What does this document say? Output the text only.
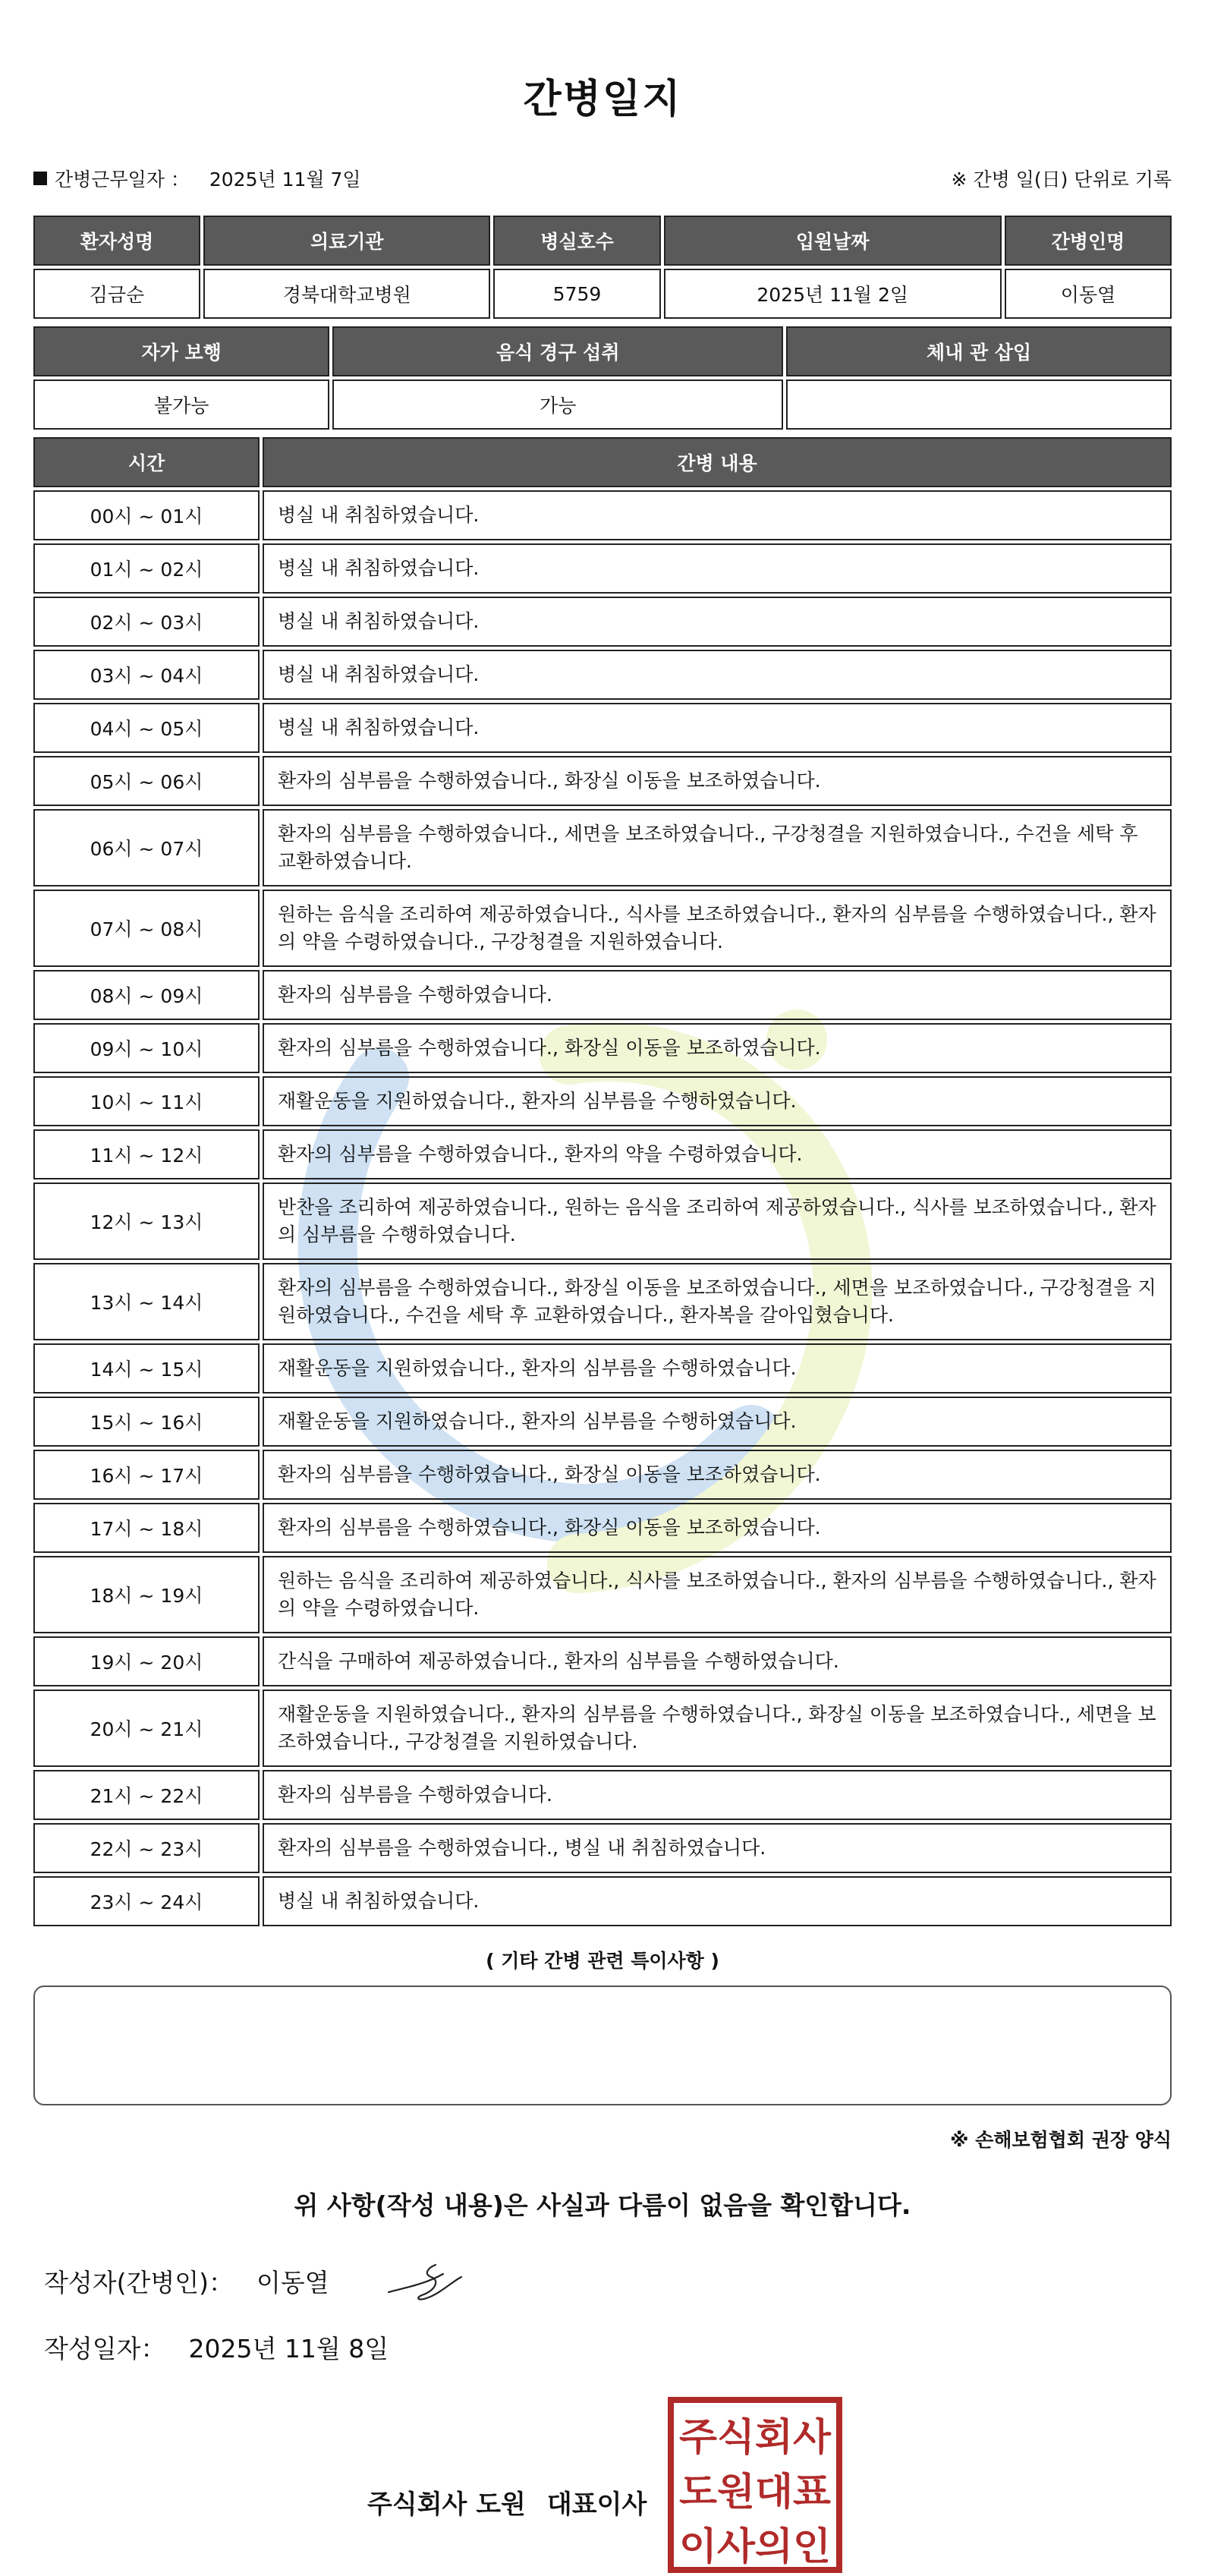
간병일지
간병근무일자 ： 2025년 11월 7일	※ 간병 일(日) 단위로 기록
환자성명	의료기관	병실호수	입원날짜	간병인명
김금순	경북대학교병원	5759	2025년 11월 2일	이동열
자가 보행	음식 경구 섭취	체내 관 삽입
불가능	가능	
시간	간병 내용
00시 ~ 01시	병실 내 취침하였습니다.
01시 ~ 02시	병실 내 취침하였습니다.
02시 ~ 03시	병실 내 취침하였습니다.
03시 ~ 04시	병실 내 취침하였습니다.
04시 ~ 05시	병실 내 취침하였습니다.
05시 ~ 06시	환자의 심부름을 수행하였습니다., 화장실 이동을 보조하였습니다.
06시 ~ 07시	환자의 심부름을 수행하였습니다., 세면을 보조하였습니다., 구강청결을 지원하였습니다., 수건을 세탁 후 교환하였습니다.
07시 ~ 08시	원하는 음식을 조리하여 제공하였습니다., 식사를 보조하였습니다., 환자의 심부름을 수행하였습니다., 환자의 약을 수령하였습니다., 구강청결을 지원하였습니다.
08시 ~ 09시	환자의 심부름을 수행하였습니다.
09시 ~ 10시	환자의 심부름을 수행하였습니다., 화장실 이동을 보조하였습니다.
10시 ~ 11시	재활운동을 지원하였습니다., 환자의 심부름을 수행하였습니다.
11시 ~ 12시	환자의 심부름을 수행하였습니다., 환자의 약을 수령하였습니다.
12시 ~ 13시	반찬을 조리하여 제공하였습니다., 원하는 음식을 조리하여 제공하였습니다., 식사를 보조하였습니다., 환자의 심부름을 수행하였습니다.
13시 ~ 14시	환자의 심부름을 수행하였습니다., 화장실 이동을 보조하였습니다., 세면을 보조하였습니다., 구강청결을 지원하였습니다., 수건을 세탁 후 교환하였습니다., 환자복을 갈아입혔습니다.
14시 ~ 15시	재활운동을 지원하였습니다., 환자의 심부름을 수행하였습니다.
15시 ~ 16시	재활운동을 지원하였습니다., 환자의 심부름을 수행하였습니다.
16시 ~ 17시	환자의 심부름을 수행하였습니다., 화장실 이동을 보조하였습니다.
17시 ~ 18시	환자의 심부름을 수행하였습니다., 화장실 이동을 보조하였습니다.
18시 ~ 19시	원하는 음식을 조리하여 제공하였습니다., 식사를 보조하였습니다., 환자의 심부름을 수행하였습니다., 환자의 약을 수령하였습니다.
19시 ~ 20시	간식을 구매하여 제공하였습니다., 환자의 심부름을 수행하였습니다.
20시 ~ 21시	재활운동을 지원하였습니다., 환자의 심부름을 수행하였습니다., 화장실 이동을 보조하였습니다., 세면을 보조하였습니다., 구강청결을 지원하였습니다.
21시 ~ 22시	환자의 심부름을 수행하였습니다.
22시 ~ 23시	환자의 심부름을 수행하였습니다., 병실 내 취침하였습니다.
23시 ~ 24시	병실 내 취침하였습니다.
( 기타 간병 관련 특이사항 )
※ 손해보험협회 권장 양식
위 사항(작성 내용)은 사실과 다름이 없음을 확인합니다.
작성자(간병인)： 이동열
작성일자： 2025년 11월 8일
주식회사 도원 대표이사
주식회사
도원대표
이사의인
